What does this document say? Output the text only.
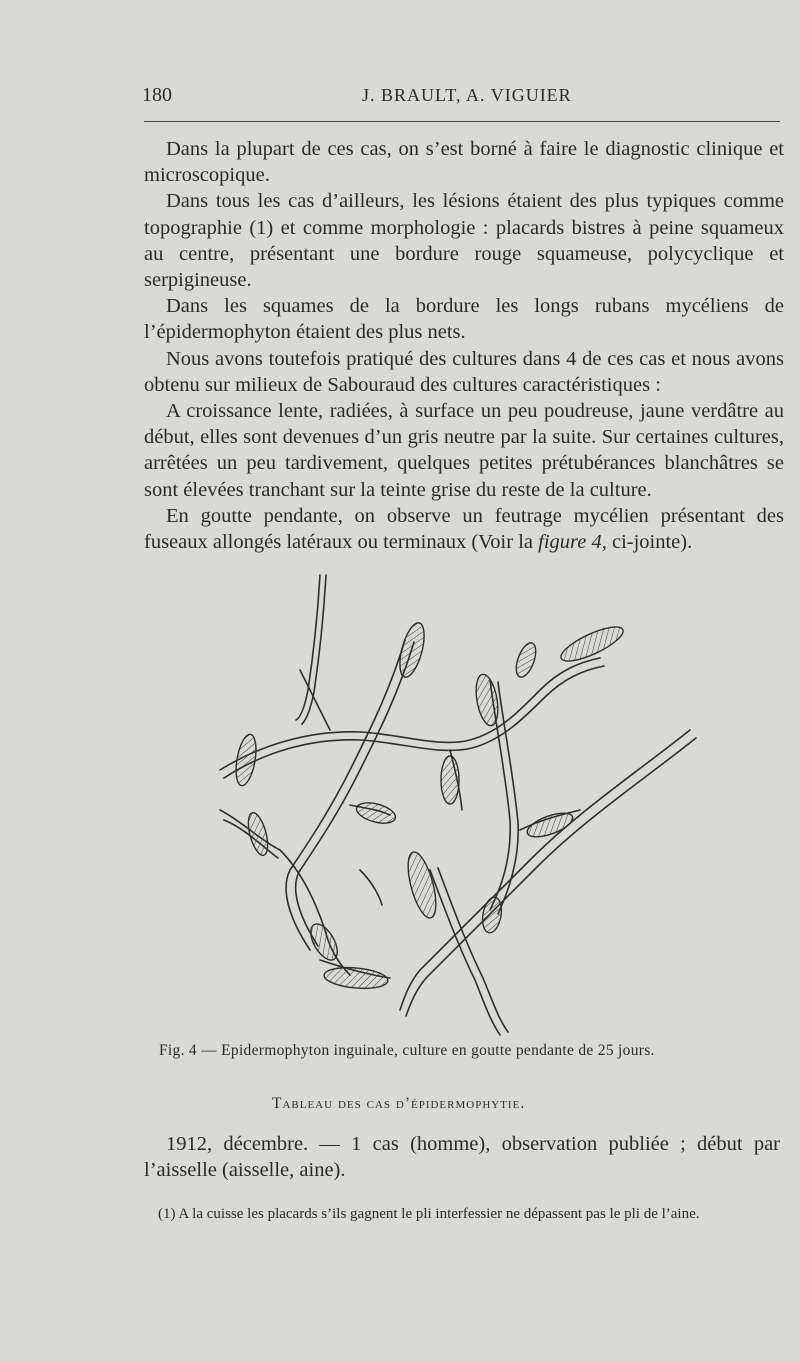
180	J. BRAULT, A. VIGUIER

Dans la plupart de ces cas, on s’est borné à faire le diagnostic clinique et microscopique.

Dans tous les cas d’ailleurs, les lésions étaient des plus typiques comme topographie (1) et comme morphologie : placards bistres à peine squameux au centre, présentant une bordure rouge squameuse, polycyclique et serpigineuse.

Dans les squames de la bordure les longs rubans mycéliens de l’épidermophyton étaient des plus nets.

Nous avons toutefois pratiqué des cultures dans 4 de ces cas et nous avons obtenu sur milieux de Sabouraud des cultures caractéristiques :

A croissance lente, radiées, à surface un peu poudreuse, jaune verdâtre au début, elles sont devenues d’un gris neutre par la suite. Sur certaines cultures, arrêtées un peu tardivement, quelques petites prétubérances blanchâtres se sont élevées tranchant sur la teinte grise du reste de la culture.

En goutte pendante, on observe un feutrage mycélien présentant des fuseaux allongés latéraux ou terminaux (Voir la figure 4, ci-jointe).

Fig. 4 — Epidermophyton inguinale, culture en goutte pendante de 25 jours.
Tableau des cas d’épidermophytie.

1912, décembre. — 1 cas (homme), observation publiée ; début par l’aisselle (aisselle, aine).

(1) A la cuisse les placards s’ils gagnent le pli interfessier ne dépassent pas le pli de l’aine.
